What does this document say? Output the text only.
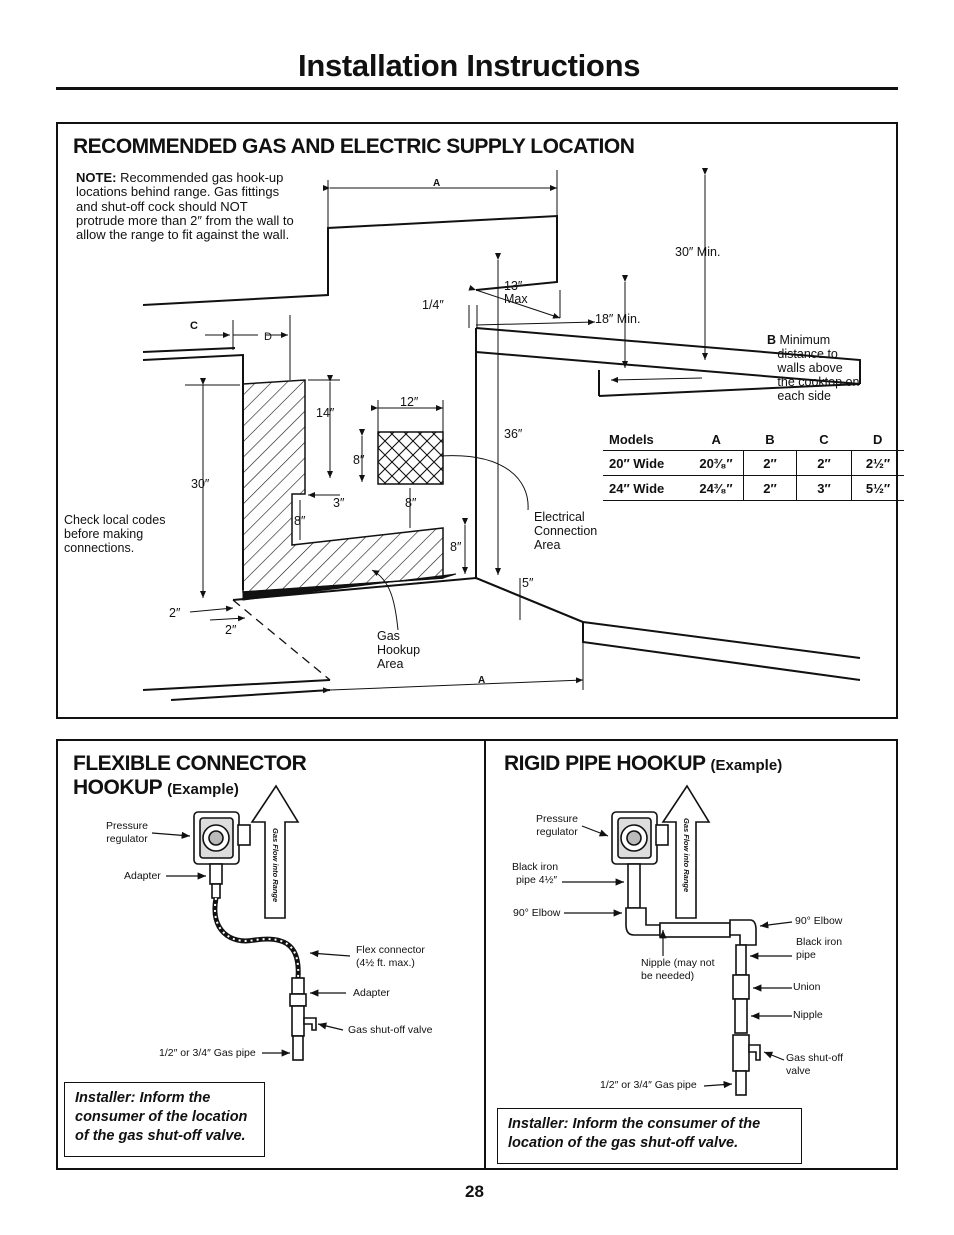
Installation Instructions
RECOMMENDED GAS AND ELECTRIC SUPPLY LOCATION
NOTE: Recommended gas hook-up locations behind range. Gas fittings and shut-off cock should NOT protrude more than 2″ from the wall to allow the range to fit against the wall.
A
30″ Min.
13″
Max
1/4″
18″ Min.
C
D	B Minimum
distance to
walls above
the cooktop on
each side
14″
12″
36″
8″
30″
3″	8″
8″
Check local codes
before making
connections.
Electrical
Connection
Area
8″
5″
2″
2″	Gas
Hookup
Area
A
Models	A	B	C	D
20″ Wide	20³⁄₈″	2″	2″	2½″
24″ Wide	24³⁄₈″	2″	3″	5½″
FLEXIBLE CONNECTOR
HOOKUP (Example)
RIGID PIPE HOOKUP (Example)
Pressure
regulator
Adapter	Gas Flow into Range
Flex connector
(4½ ft. max.)
Adapter
Gas shut-off valve
1/2″ or 3/4″ Gas pipe
Installer: Inform the consumer of the location of the gas shut-off valve.
Pressure
regulator	Gas Flow into Range
Black iron
pipe 4½″
90° Elbow
90° Elbow
Black iron
pipe
Nipple (may not
be needed)
Union
Nipple
Gas shut-off
valve
1/2″ or 3/4″ Gas pipe
Installer: Inform the consumer of the location of the gas shut-off valve.
28
